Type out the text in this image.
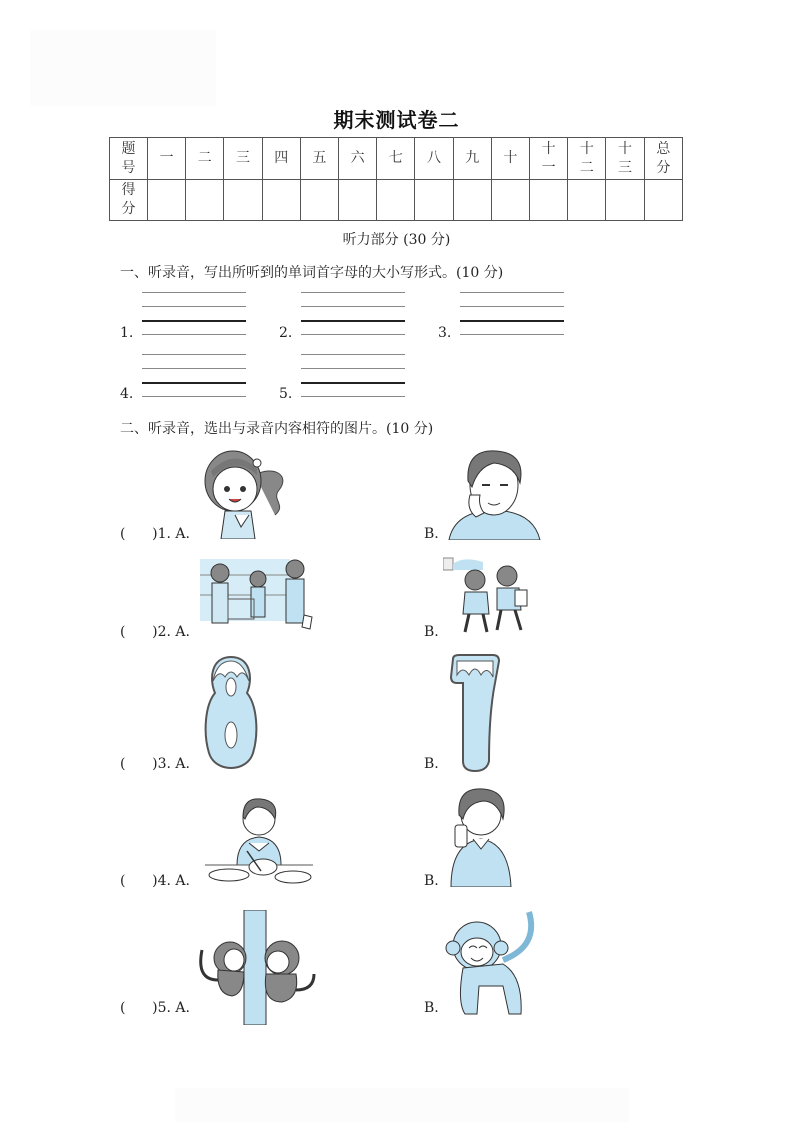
期末测试卷二
题号	一	二	三	四	五	六	七	八	九	十	十一	十二	十三	总分
得分														
听力部分 (30 分)
一、听录音，写出所听到的单词首字母的大小写形式。(10 分)
1.	2.	3.
4.	5.
二、听录音，选出与录音内容相符的图片。(10 分)
(      )1. A.	B.
(      )2. A.	B.
(      )3. A.	B.
(      )4. A.	B.
(      )5. A.	B.
